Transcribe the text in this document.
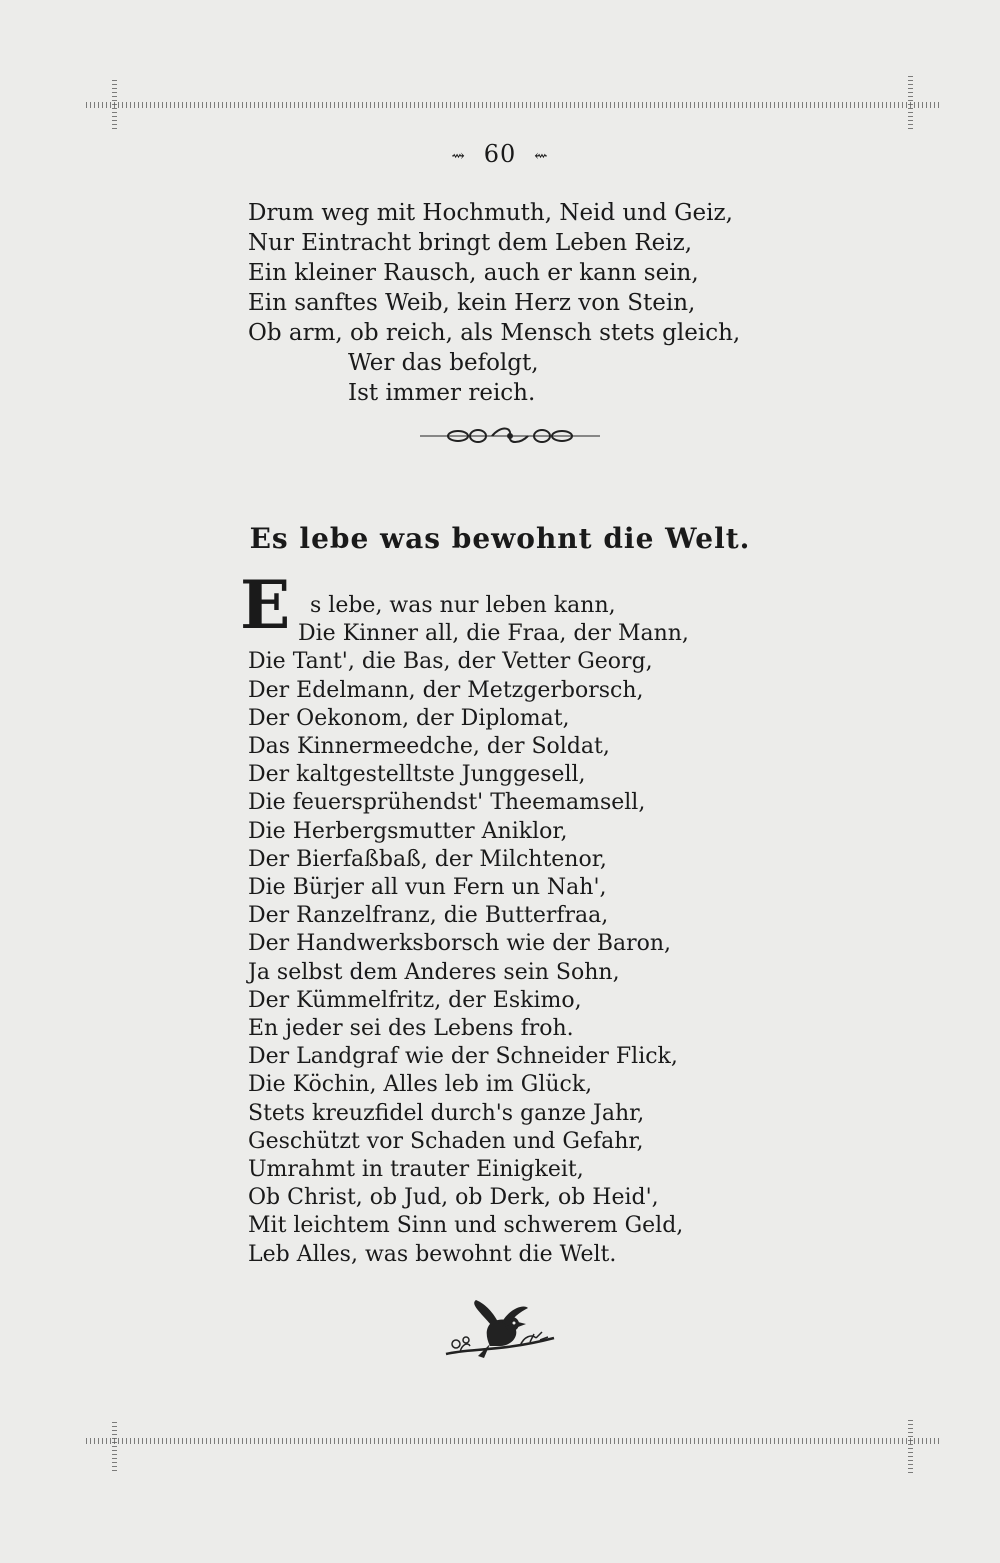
⇝ 60 ⇜
Drum weg mit Hochmuth, Neid und Geiz,
Nur Eintracht bringt dem Leben Reiz,
Ein kleiner Rausch, auch er kann sein,
Ein sanftes Weib, kein Herz von Stein,
Ob arm, ob reich, als Mensch stets gleich,
Wer das befolgt,
Ist immer reich.
Es lebe was bewohnt die Welt.
E s lebe, was nur leben kann,
Die Kinner all, die Fraa, der Mann,
Die Tant', die Bas, der Vetter Georg,
Der Edelmann, der Metzgerborsch,
Der Oekonom, der Diplomat,
Das Kinnermeedche, der Soldat,
Der kaltgestelltste Junggesell,
Die feuersprühendst' Theemamsell,
Die Herbergsmutter Aniklor,
Der Bierfaßbaß, der Milchtenor,
Die Bürjer all vun Fern un Nah',
Der Ranzelfranz, die Butterfraa,
Der Handwerksborsch wie der Baron,
Ja selbst dem Anderes sein Sohn,
Der Kümmelfritz, der Eskimo,
En jeder sei des Lebens froh.
Der Landgraf wie der Schneider Flick,
Die Köchin, Alles leb im Glück,
Stets kreuzfidel durch's ganze Jahr,
Geschützt vor Schaden und Gefahr,
Umrahmt in trauter Einigkeit,
Ob Christ, ob Jud, ob Derk, ob Heid',
Mit leichtem Sinn und schwerem Geld,
Leb Alles, was bewohnt die Welt.
